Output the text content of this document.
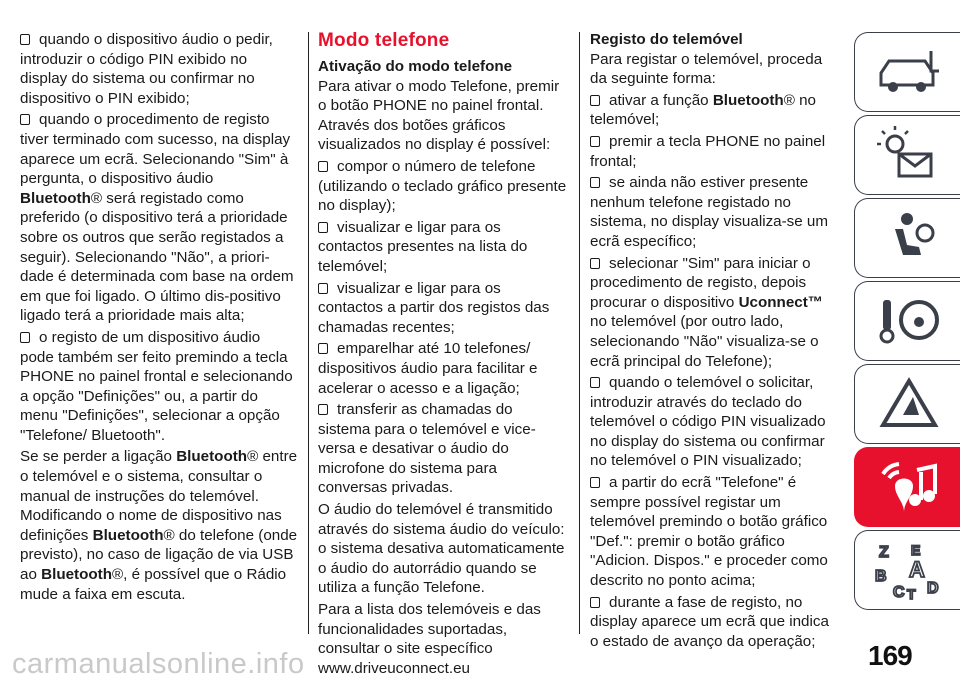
quando o dispositivo áudio o pedir, introduzir o código PIN exibido no display do sistema ou confirmar no dispositivo o PIN exibido;

quando o procedimento de registo tiver terminado com sucesso, na display aparece um ecrã. Selecionando "Sim" à pergunta, o dispositivo áudio Bluetooth® será registado como preferido (o dispositivo terá a prioridade sobre os outros que serão registados a seguir). Selecionando "Não", a priori-dade é determinada com base na ordem em que foi ligado. O último dis-positivo ligado terá a prioridade mais alta;

o registo de um dispositivo áudio pode também ser feito premindo a tecla PHONE no painel frontal e selecionando a opção "Definições" ou, a partir do menu "Definições", selecionar a opção "Telefone/ Bluetooth".

Se se perder a ligação Bluetooth® entre o telemóvel e o sistema, consultar o manual de instruções do telemóvel. Modificando o nome de dispositivo nas definições Bluetooth® do telefone (onde previsto), no caso de ligação de via USB ao Bluetooth®, é possível que o Rádio mude a faixa em escuta.

Modo telefone

Ativação do modo telefone

Para ativar o modo Telefone, premir o botão PHONE no painel frontal. Através dos botões gráficos visualizados no display é possível:

compor o número de telefone (utilizando o teclado gráfico presente no display);

visualizar e ligar para os contactos presentes na lista do telemóvel;

visualizar e ligar para os contactos a partir dos registos das chamadas recentes;

emparelhar até 10 telefones/ dispositivos áudio para facilitar e acelerar o acesso e a ligação;

transferir as chamadas do sistema para o telemóvel e vice-versa e desativar o áudio do microfone do sistema para conversas privadas.

O áudio do telemóvel é transmitido através do sistema áudio do veículo: o sistema desativa automaticamente o áudio do autorrádio quando se utiliza a função Telefone.

Para a lista dos telemóveis e das funcionalidades suportadas, consultar o site específico www.driveuconnect.eu

Registo do telemóvel

Para registar o telemóvel, proceda da seguinte forma:

ativar a função Bluetooth® no telemóvel;

premir a tecla PHONE no painel frontal;

se ainda não estiver presente nenhum telefone registado no sistema, no display visualiza-se um ecrã específico;

selecionar "Sim" para iniciar o procedimento de registo, depois procurar o dispositivo Uconnect™ no telemóvel (por outro lado, selecionando "Não" visualiza-se o ecrã principal do Telefone);

quando o telemóvel o solicitar, introduzir através do teclado do telemóvel o código PIN visualizado no display do sistema ou confirmar no telemóvel o PIN visualizado;

a partir do ecrã "Telefone" é sempre possível registar um telemóvel premindo o botão gráfico "Def.": premir o botão gráfico "Adicion. Dispos." e proceder como descrito no ponto acima;

durante a fase de registo, no display aparece um ecrã que indica o estado de avanço da operação;

Z E
B A
C T D
169
carmanualsonline.info
